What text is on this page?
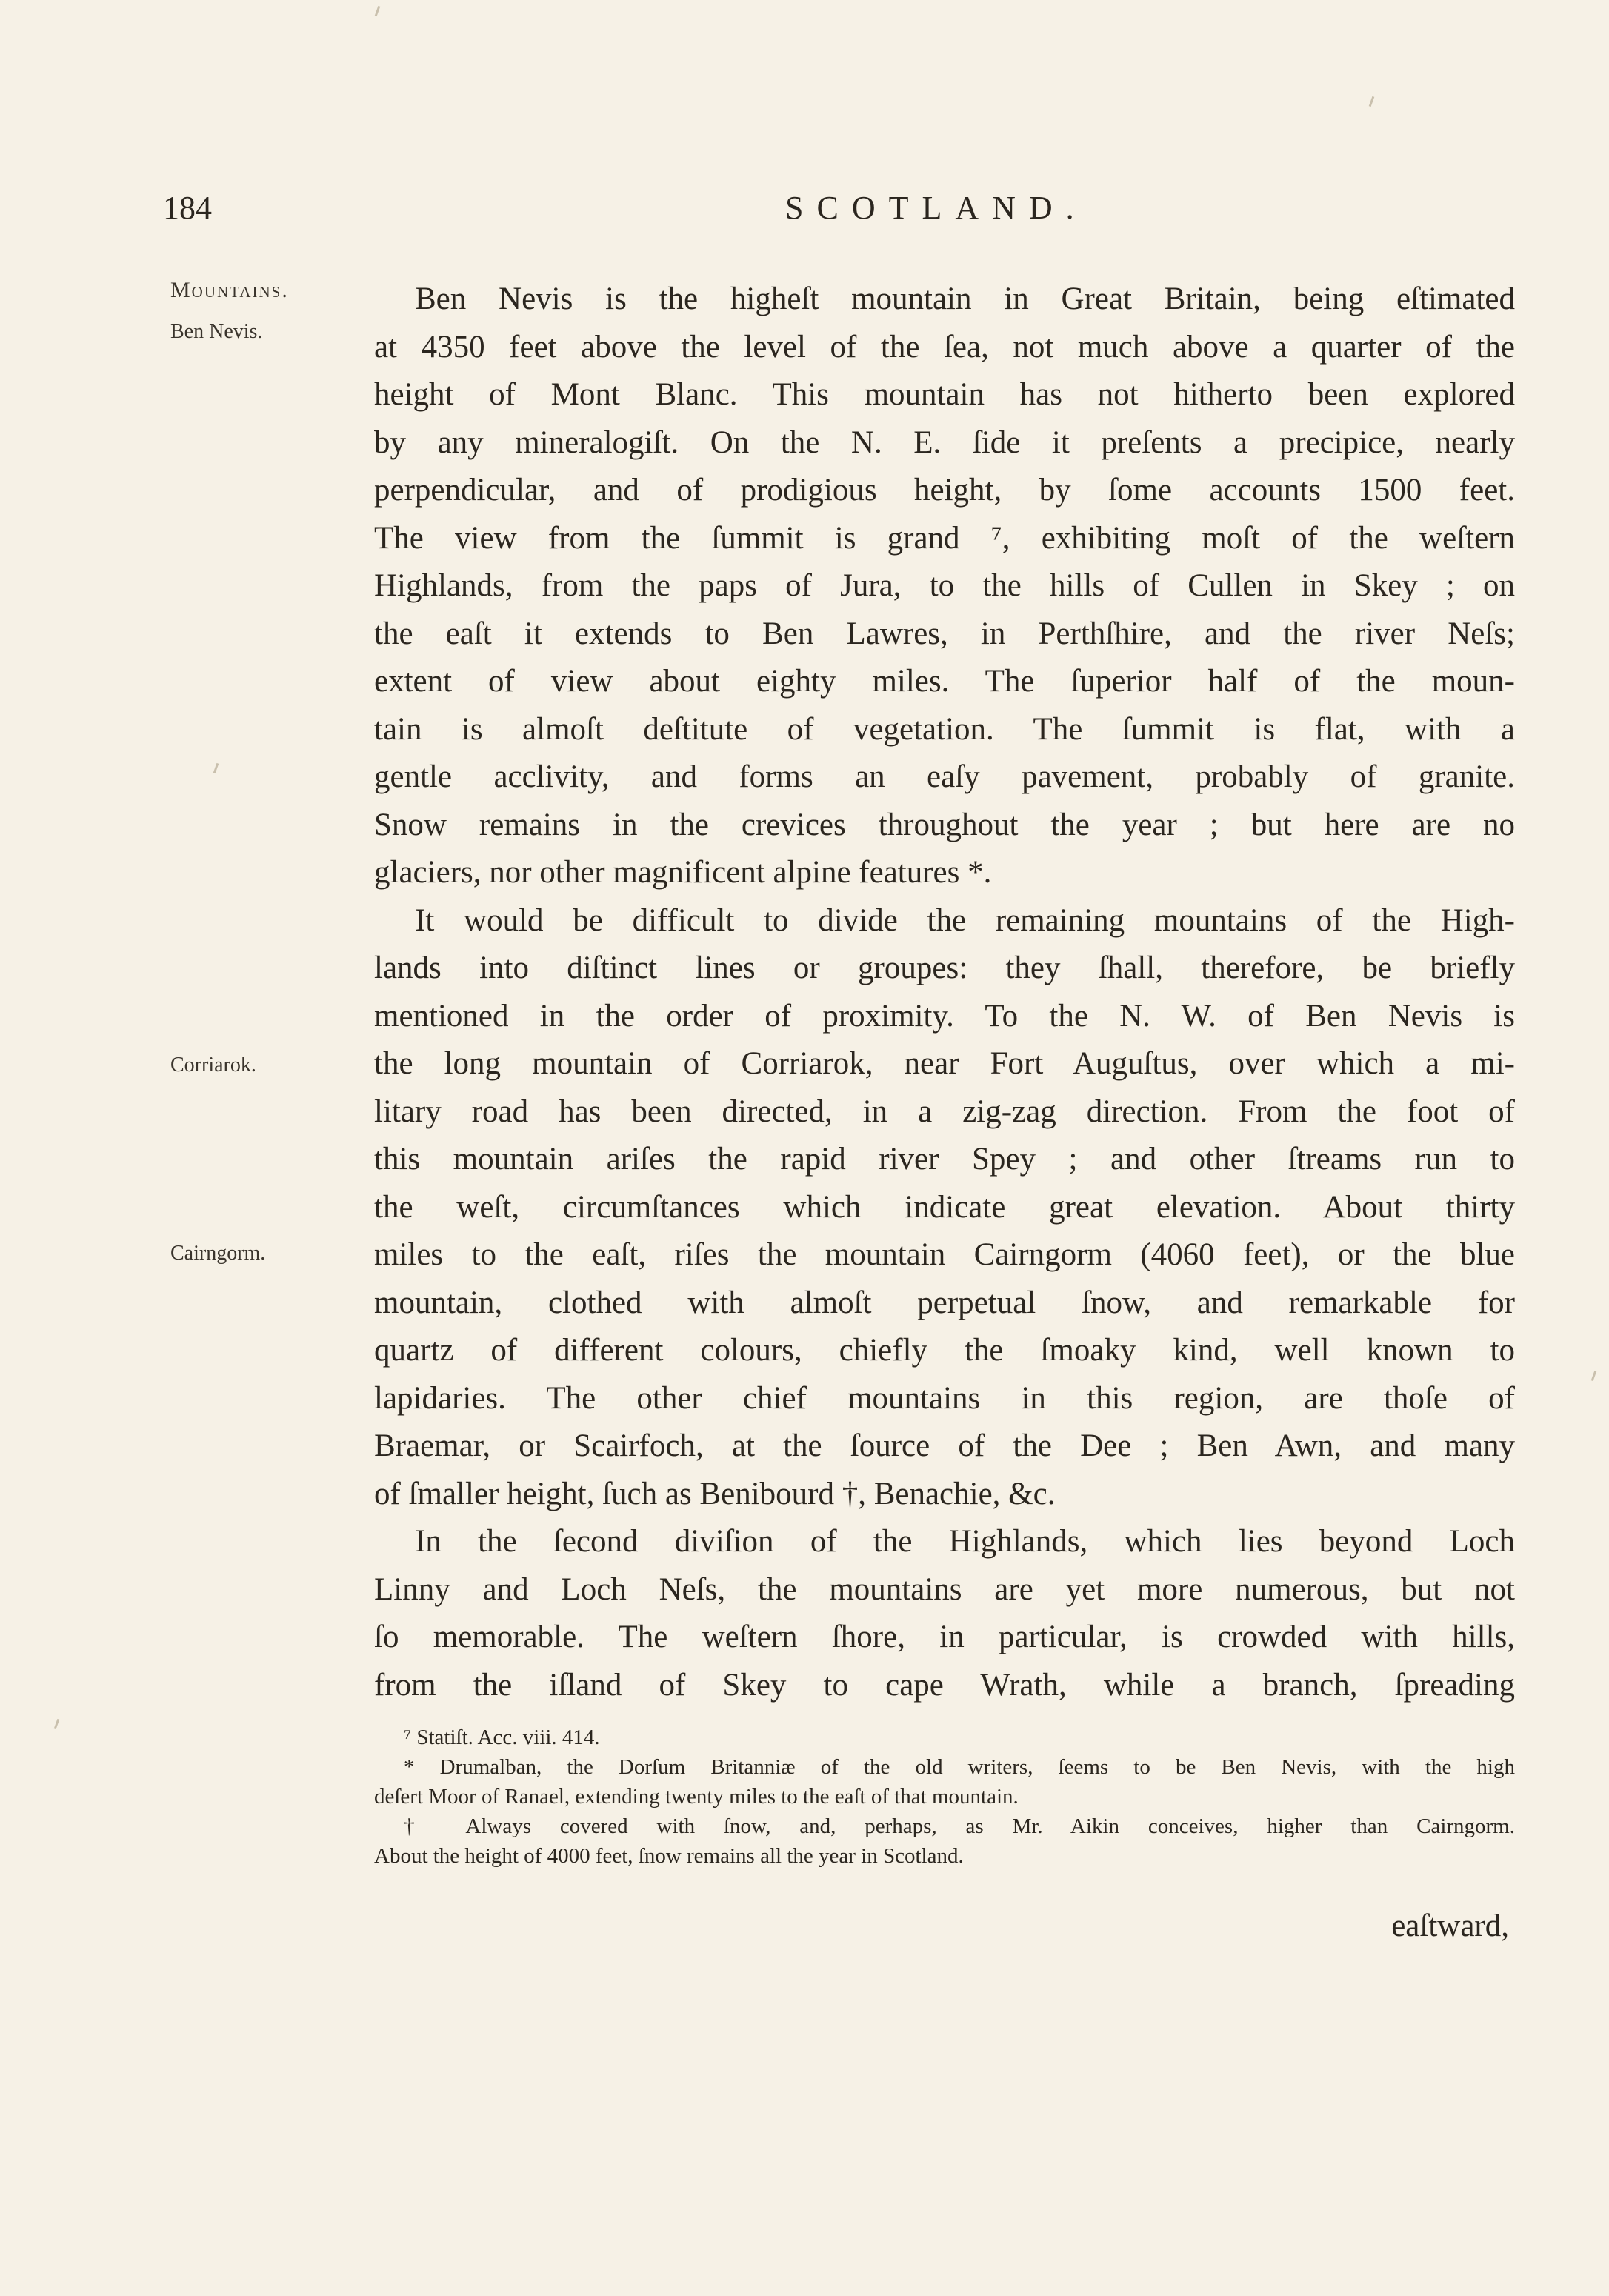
184	SCOTLAND.
Mountains.
Ben Nevis.
Corriarok.
Cairngorm.
Ben Nevis is the higheſt mountain in Great Britain, being eſtimated
at 4350 feet above the level of the ſea, not much above a quarter of the
height of Mont Blanc. This mountain has not hitherto been explored
by any mineralogiſt. On the N. E. ſide it preſents a precipice, nearly
perpendicular, and of prodigious height, by ſome accounts 1500 feet.
The view from the ſummit is grand ⁷, exhibiting moſt of the weſtern
Highlands, from the paps of Jura, to the hills of Cullen in Skey ; on
the eaſt it extends to Ben Lawres, in Perthſhire, and the river Neſs;
extent of view about eighty miles. The ſuperior half of the moun-
tain is almoſt deſtitute of vegetation. The ſummit is flat, with a
gentle acclivity, and forms an eaſy pavement, probably of granite.
Snow remains in the crevices throughout the year ; but here are no
glaciers, nor other magnificent alpine features *.
It would be difficult to divide the remaining mountains of the High-
lands into diſtinct lines or groupes: they ſhall, therefore, be briefly
mentioned in the order of proximity. To the N. W. of Ben Nevis is
the long mountain of Corriarok, near Fort Auguſtus, over which a mi-
litary road has been directed, in a zig-zag direction. From the foot of
this mountain ariſes the rapid river Spey ; and other ſtreams run to
the weſt, circumſtances which indicate great elevation. About thirty
miles to the eaſt, riſes the mountain Cairngorm (4060 feet), or the blue
mountain, clothed with almoſt perpetual ſnow, and remarkable for
quartz of different colours, chiefly the ſmoaky kind, well known to
lapidaries. The other chief mountains in this region, are thoſe of
Braemar, or Scairfoch, at the ſource of the Dee ; Ben Awn, and many
of ſmaller height, ſuch as Benibourd †, Benachie, &c.
In the ſecond diviſion of the Highlands, which lies beyond Loch
Linny and Loch Neſs, the mountains are yet more numerous, but not
ſo memorable. The weſtern ſhore, in particular, is crowded with hills,
from the iſland of Skey to cape Wrath, while a branch, ſpreading
⁷ Statiſt. Acc. viii. 414.
* Drumalban, the Dorſum Britanniæ of the old writers, ſeems to be Ben Nevis, with the high
deſert Moor of Ranael, extending twenty miles to the eaſt of that mountain.
† Always covered with ſnow, and, perhaps, as Mr. Aikin conceives, higher than Cairngorm.
About the height of 4000 feet, ſnow remains all the year in Scotland.
eaſtward,
